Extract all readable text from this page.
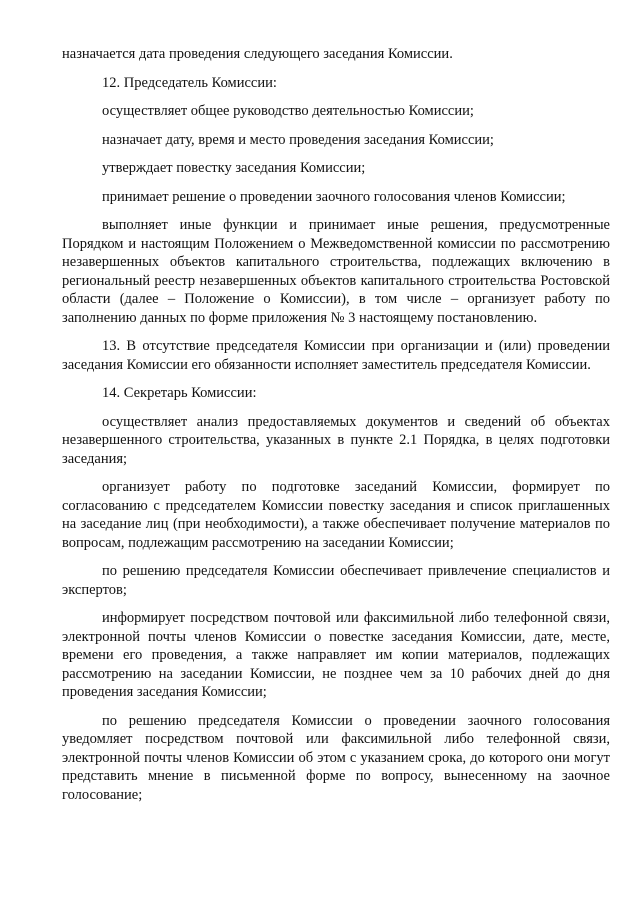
назначается дата проведения следующего заседания Комиссии.

12. Председатель Комиссии:

осуществляет общее руководство деятельностью Комиссии;

назначает дату, время и место проведения заседания Комиссии;

утверждает повестку заседания Комиссии;

принимает решение о проведении заочного голосования членов Комиссии;

выполняет иные функции и принимает иные решения, предусмотренные Порядком и настоящим Положением о Межведомственной комиссии по рассмотрению незавершенных объектов капитального строительства, подлежащих включению в региональный реестр незавершенных объектов капитального строительства Ростовской области (далее – Положение о Комиссии), в том числе – организует работу по заполнению данных по форме приложения № 3 настоящему постановлению.

13. В отсутствие председателя Комиссии при организации и (или) проведении заседания Комиссии его обязанности исполняет заместитель председателя Комиссии.

14. Секретарь Комиссии:

осуществляет анализ предоставляемых документов и сведений об объектах незавершенного строительства, указанных в пункте 2.1 Порядка, в целях подготовки заседания;

организует работу по подготовке заседаний Комиссии, формирует по согласованию с председателем Комиссии повестку заседания и список приглашенных на заседание лиц (при необходимости), а также обеспечивает получение материалов по вопросам, подлежащим рассмотрению на заседании Комиссии;

по решению председателя Комиссии обеспечивает привлечение специалистов и экспертов;

информирует посредством почтовой или факсимильной либо телефонной связи, электронной почты членов Комиссии о повестке заседания Комиссии, дате, месте, времени его проведения, а также направляет им копии материалов, подлежащих рассмотрению на заседании Комиссии, не позднее чем за 10 рабочих дней до дня проведения заседания Комиссии;

по решению председателя Комиссии о проведении заочного голосования уведомляет посредством почтовой или факсимильной либо телефонной связи, электронной почты членов Комиссии об этом с указанием срока, до которого они могут представить мнение в письменной форме по вопросу, вынесенному на заочное голосование;
